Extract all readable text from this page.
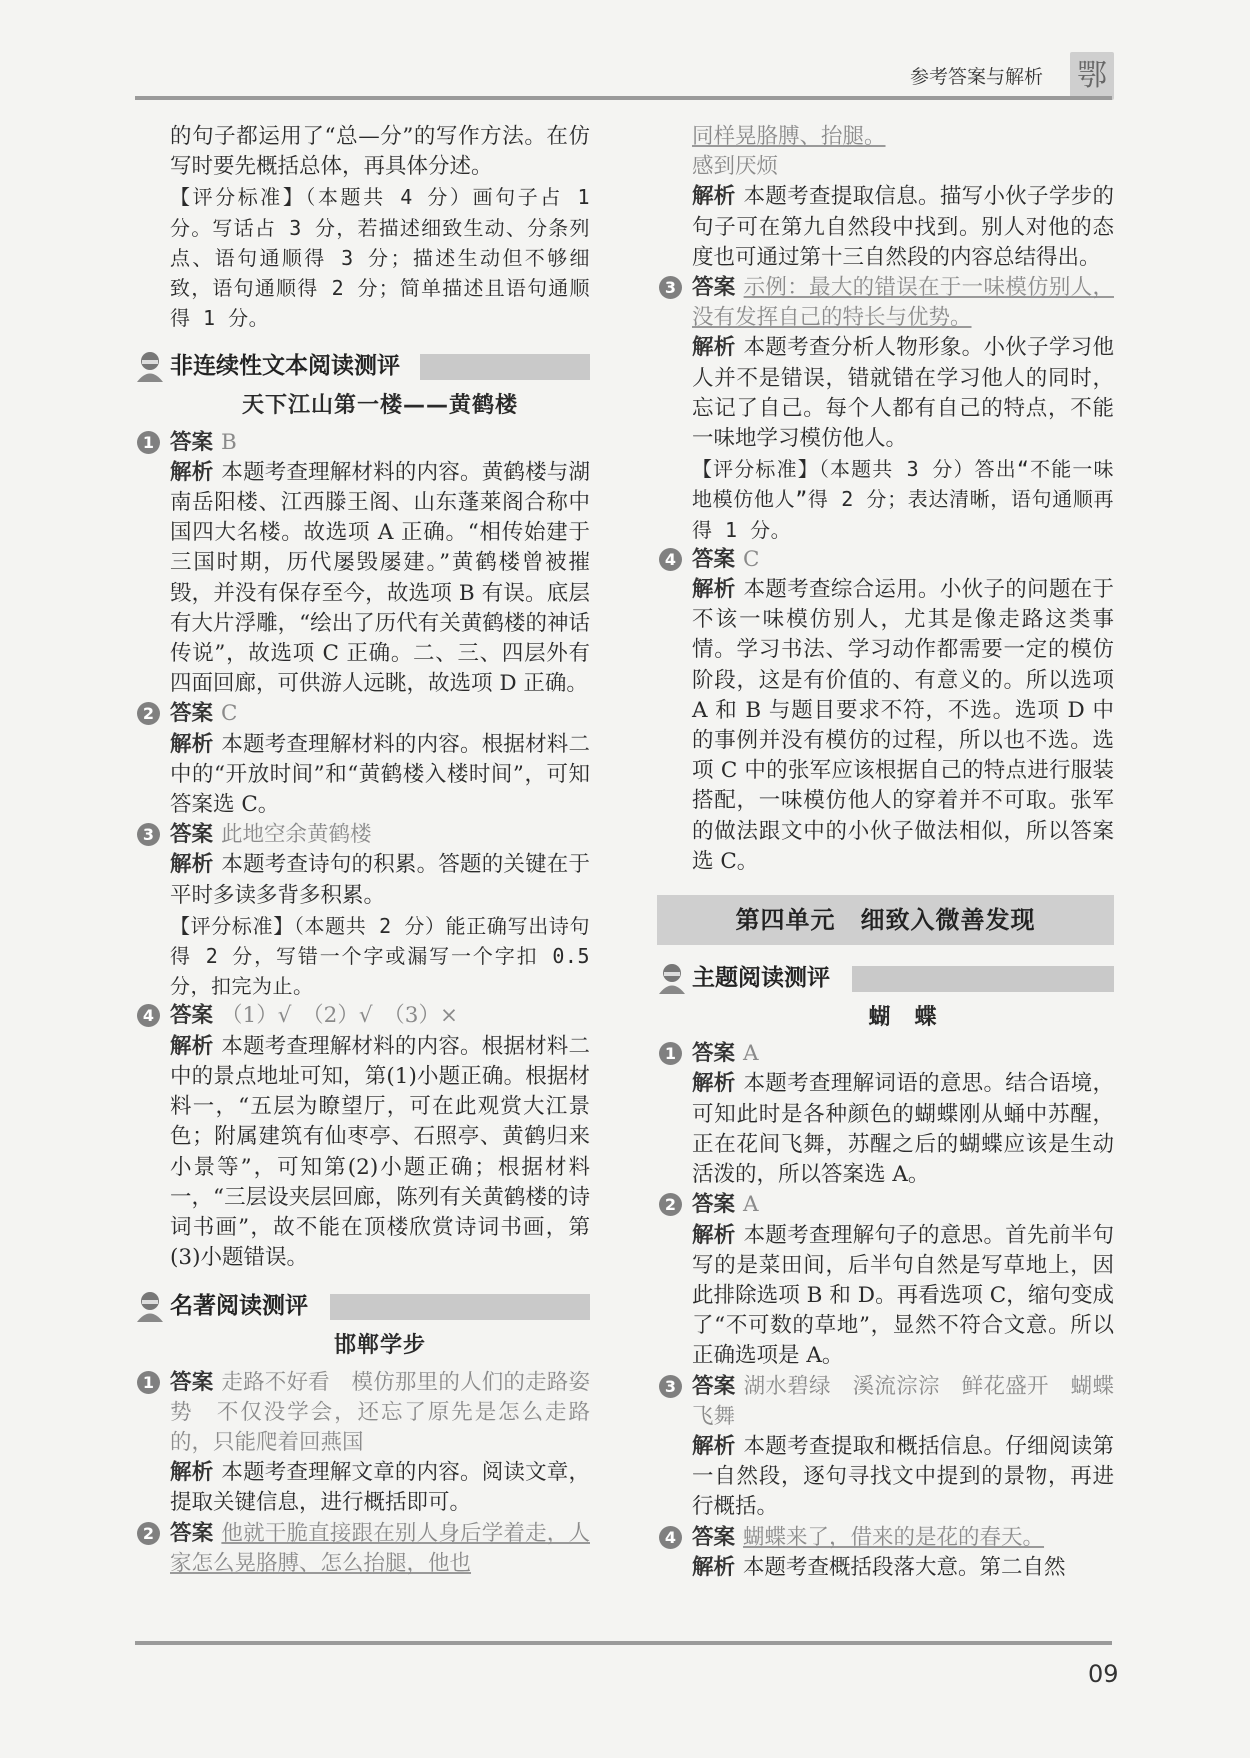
参考答案与解析 鄂

的句子都运用了“总—分”的写作方法。在仿写时要先概括总体，再具体分述。

【评分标准】（本题共 4 分）画句子占 1 分。写话占 3 分，若描述细致生动、分条列点、语句通顺得 3 分；描述生动但不够细致，语句通顺得 2 分；简单描述且语句通顺得 1 分。

非连续性文本阅读测评
天下江山第一楼——黄鹤楼
1 答案 B

解析 本题考查理解材料的内容。黄鹤楼与湖南岳阳楼、江西滕王阁、山东蓬莱阁合称中国四大名楼。故选项 A 正确。“相传始建于三国时期，历代屡毁屡建。”黄鹤楼曾被摧毁，并没有保存至今，故选项 B 有误。底层有大片浮雕，“绘出了历代有关黄鹤楼的神话传说”，故选项 C 正确。二、三、四层外有四面回廊，可供游人远眺，故选项 D 正确。

2 答案 C

解析 本题考查理解材料的内容。根据材料二中的“开放时间”和“黄鹤楼入楼时间”，可知答案选 C。

3 答案 此地空余黄鹤楼

解析 本题考查诗句的积累。答题的关键在于平时多读多背多积累。

【评分标准】（本题共 2 分）能正确写出诗句得 2 分，写错一个字或漏写一个字扣 0.5 分，扣完为止。

4 答案 （1）√　（2）√　（3）×

解析 本题考查理解材料的内容。根据材料二中的景点地址可知，第(1)小题正确。根据材料一，“五层为瞭望厅，可在此观赏大江景色；附属建筑有仙枣亭、石照亭、黄鹤归来小景等”，可知第(2)小题正确；根据材料一，“三层设夹层回廊，陈列有关黄鹤楼的诗词书画”，故不能在顶楼欣赏诗词书画，第(3)小题错误。

名著阅读测评
邯郸学步
1 答案 走路不好看　模仿那里的人们的走路姿势　不仅没学会，还忘了原先是怎么走路的，只能爬着回燕国

解析 本题考查理解文章的内容。阅读文章，提取关键信息，进行概括即可。

2 答案 他就干脆直接跟在别人身后学着走，人家怎么晃胳膊、怎么抬腿，他也

同样晃胳膊、抬腿。

感到厌烦

解析 本题考查提取信息。描写小伙子学步的句子可在第九自然段中找到。别人对他的态度也可通过第十三自然段的内容总结得出。

3 答案 示例：最大的错误在于一味模仿别人，没有发挥自己的特长与优势。

解析 本题考查分析人物形象。小伙子学习他人并不是错误，错就错在学习他人的同时，忘记了自己。每个人都有自己的特点，不能一味地学习模仿他人。

【评分标准】（本题共 3 分）答出“不能一味地模仿他人”得 2 分；表达清晰，语句通顺再得 1 分。

4 答案 C

解析 本题考查综合运用。小伙子的问题在于不该一味模仿别人，尤其是像走路这类事情。学习书法、学习动作都需要一定的模仿阶段，这是有价值的、有意义的。所以选项 A 和 B 与题目要求不符，不选。选项 D 中的事例并没有模仿的过程，所以也不选。选项 C 中的张军应该根据自己的特点进行服装搭配，一味模仿他人的穿着并不可取。张军的做法跟文中的小伙子做法相似，所以答案选 C。

第四单元　细致入微善发现
主题阅读测评
蝴　蝶
1 答案 A

解析 本题考查理解词语的意思。结合语境，可知此时是各种颜色的蝴蝶刚从蛹中苏醒，正在花间飞舞，苏醒之后的蝴蝶应该是生动活泼的，所以答案选 A。

2 答案 A

解析 本题考查理解句子的意思。首先前半句写的是菜田间，后半句自然是写草地上，因此排除选项 B 和 D。再看选项 C，缩句变成了“不可数的草地”，显然不符合文意。所以正确选项是 A。

3 答案 湖水碧绿　溪流淙淙　鲜花盛开　蝴蝶飞舞

解析 本题考查提取和概括信息。仔细阅读第一自然段，逐句寻找文中提到的景物，再进行概括。

4 答案 蝴蝶来了，借来的是花的春天。

解析 本题考查概括段落大意。第二自然

09
